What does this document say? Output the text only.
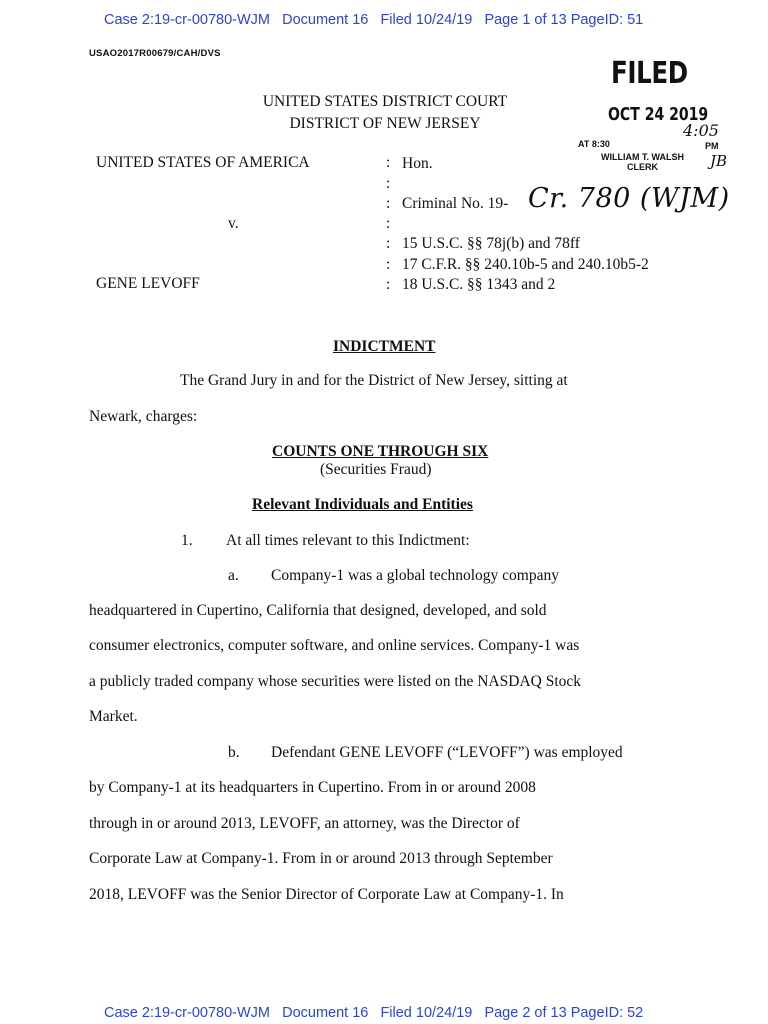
Case 2:19-cr-00780-WJM Document 16 Filed 10/24/19 Page 1 of 13 PageID: 51
USAO2017R00679/CAH/DVS
UNITED STATES DISTRICT COURT
DISTRICT OF NEW JERSEY
FILED
OCT 24 2019
AT 8:30
4:05
PM
WILLIAM T. WALSH
CLERK	JB
UNITED STATES OF AMERICA
v.
GENE LEVOFF
:
:
:
:
:
:
:
Hon.
Criminal No. 19- Cr. 780 (WJM)
15 U.S.C. §§ 78j(b) and 78ff
17 C.F.R. §§ 240.10b-5 and 240.10b5-2
18 U.S.C. §§ 1343 and 2
INDICTMENT
The Grand Jury in and for the District of New Jersey, sitting at
Newark, charges:
COUNTS ONE THROUGH SIX
(Securities Fraud)
Relevant Individuals and Entities
1. At all times relevant to this Indictment:
a. Company-1 was a global technology company
headquartered in Cupertino, California that designed, developed, and sold
consumer electronics, computer software, and online services. Company-1 was
a publicly traded company whose securities were listed on the NASDAQ Stock
Market.
b. Defendant GENE LEVOFF (“LEVOFF”) was employed
by Company-1 at its headquarters in Cupertino. From in or around 2008
through in or around 2013, LEVOFF, an attorney, was the Director of
Corporate Law at Company-1. From in or around 2013 through September
2018, LEVOFF was the Senior Director of Corporate Law at Company-1. In
Case 2:19-cr-00780-WJM Document 16 Filed 10/24/19 Page 2 of 13 PageID: 52
